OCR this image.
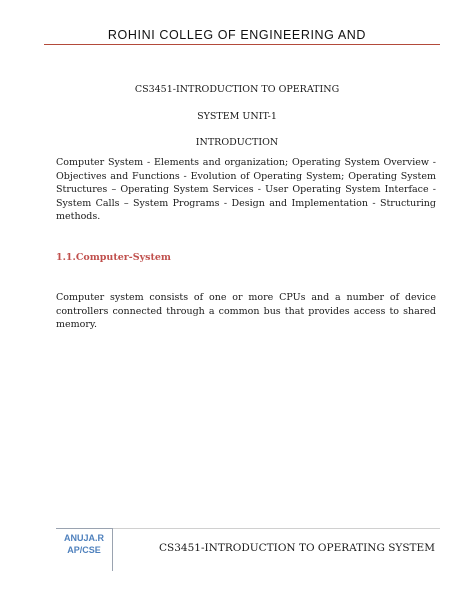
ROHINI COLLEG OF ENGINEERING AND
CS3451-INTRODUCTION TO OPERATING
SYSTEM UNIT-1
INTRODUCTION

Computer System - Elements and organization; Operating System Overview - Objectives and Functions - Evolution of Operating System; Operating System Structures – Operating System Services - User Operating System Interface - System Calls – System Programs - Design and Implementation - Structuring methods.

1.1.Computer-System

Computer system consists of one or more CPUs and a number of device controllers connected through a common bus that provides access to shared memory.

ANUJA.R
AP/CSE	CS3451-INTRODUCTION TO OPERATING SYSTEM
